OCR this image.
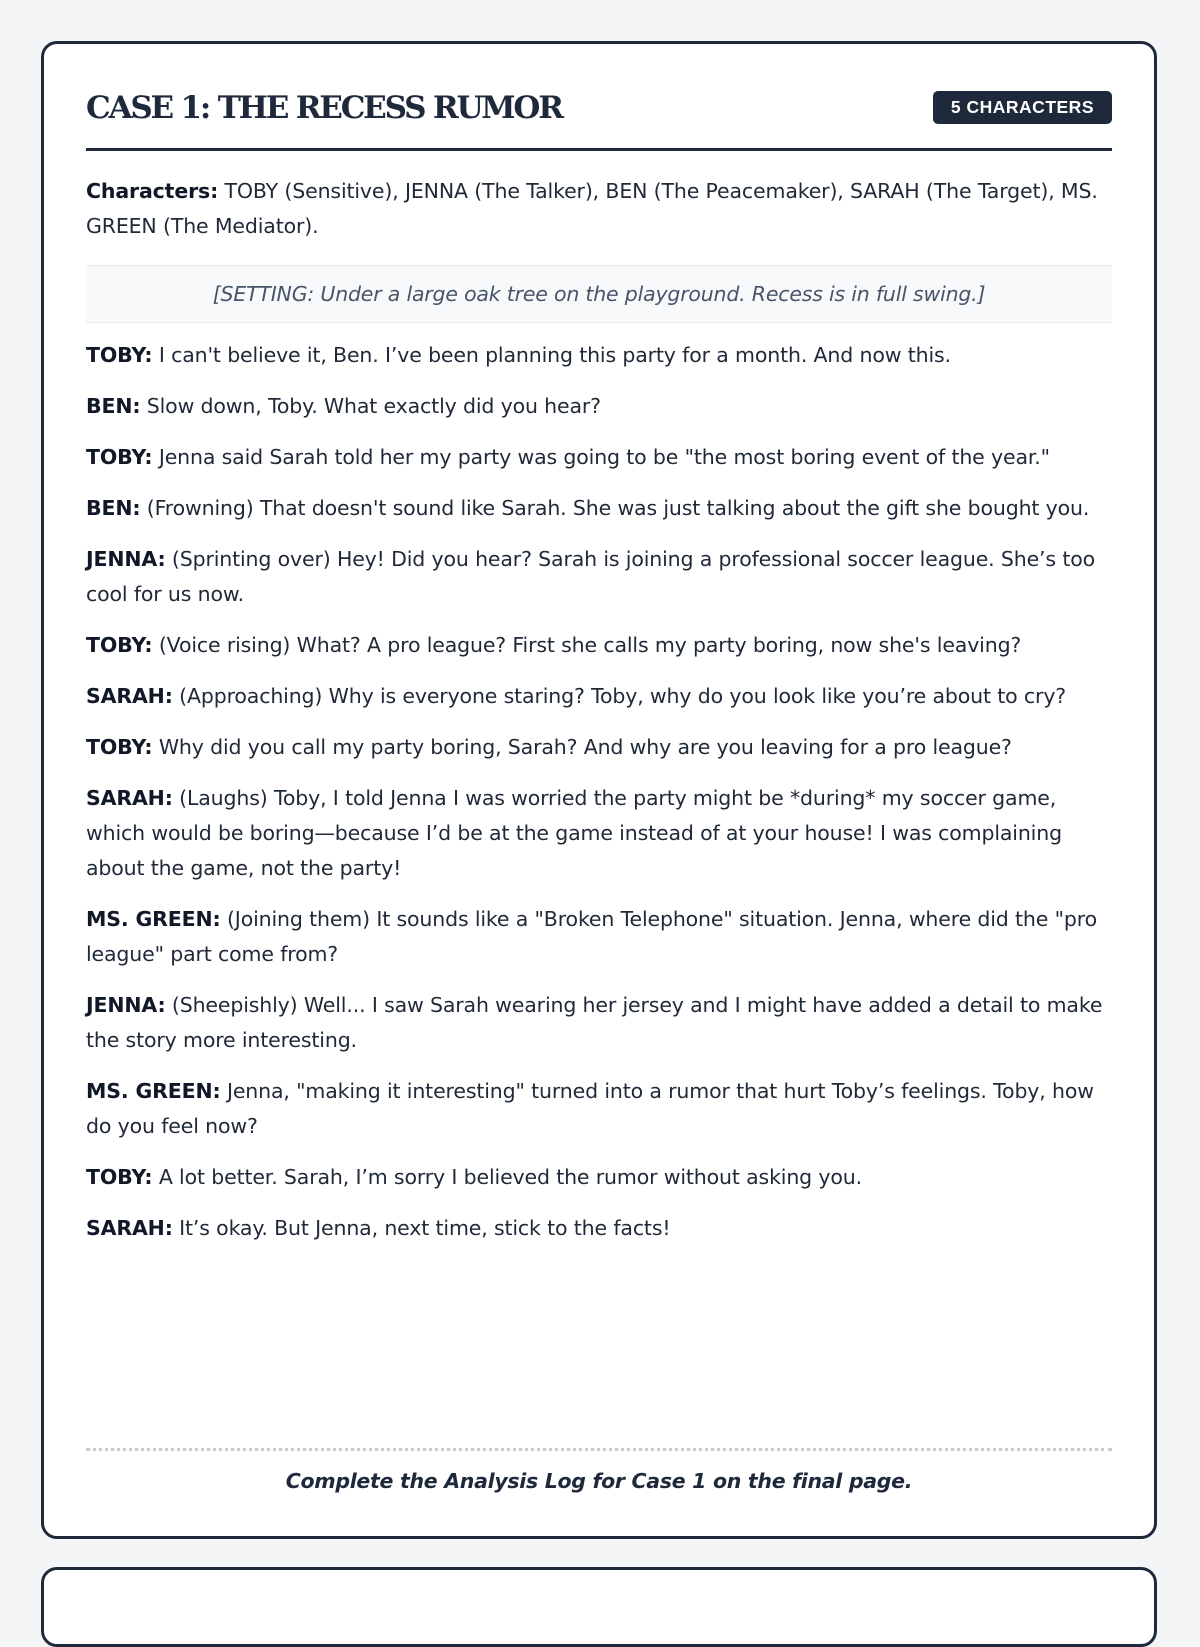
CASE 1: THE RECESS RUMOR	5 CHARACTERS

Characters: TOBY (Sensitive), JENNA (The Talker), BEN (The Peacemaker), SARAH (The Target), MS. GREEN (The Mediator).

[SETTING: Under a large oak tree on the playground. Recess is in full swing.]

TOBY: I can't believe it, Ben. I’ve been planning this party for a month. And now this.

BEN: Slow down, Toby. What exactly did you hear?

TOBY: Jenna said Sarah told her my party was going to be "the most boring event of the year."

BEN: (Frowning) That doesn't sound like Sarah. She was just talking about the gift she bought you.

JENNA: (Sprinting over) Hey! Did you hear? Sarah is joining a professional soccer league. She’s too cool for us now.

TOBY: (Voice rising) What? A pro league? First she calls my party boring, now she's leaving?

SARAH: (Approaching) Why is everyone staring? Toby, why do you look like you’re about to cry?

TOBY: Why did you call my party boring, Sarah? And why are you leaving for a pro league?

SARAH: (Laughs) Toby, I told Jenna I was worried the party might be *during* my soccer game, which would be boring—because I’d be at the game instead of at your house! I was complaining about the game, not the party!

MS. GREEN: (Joining them) It sounds like a "Broken Telephone" situation. Jenna, where did the "pro league" part come from?

JENNA: (Sheepishly) Well... I saw Sarah wearing her jersey and I might have added a detail to make the story more interesting.

MS. GREEN: Jenna, "making it interesting" turned into a rumor that hurt Toby’s feelings. Toby, how do you feel now?

TOBY: A lot better. Sarah, I’m sorry I believed the rumor without asking you.

SARAH: It’s okay. But Jenna, next time, stick to the facts!

Complete the Analysis Log for Case 1 on the final page.
